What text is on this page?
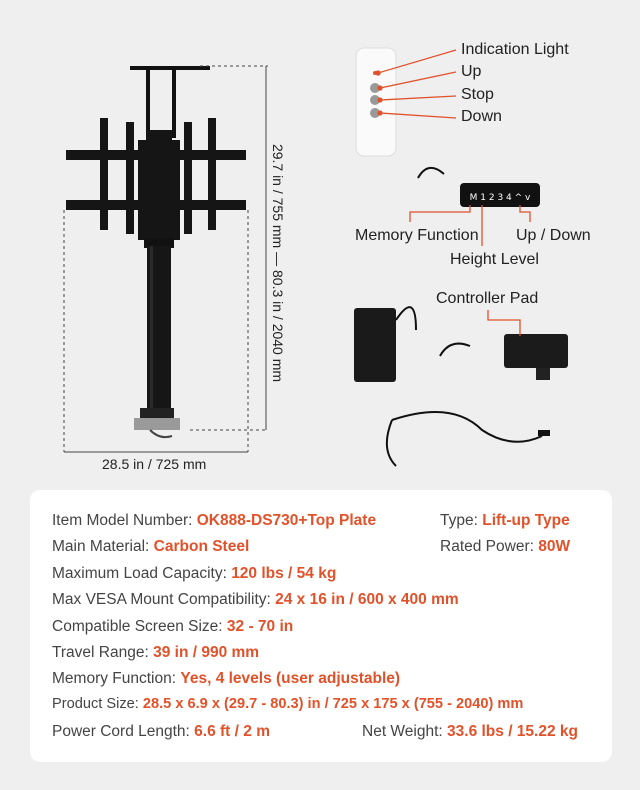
M 1 2 3 4 ^ v
28.5 in / 725 mm
29.7 in / 755 mm — 80.3 in / 2040 mm
Indication Light
Up
Stop
Down
Memory Function Up / Down
Height Level
Controller Pad
Item Model Number: OK888-DS730+Top Plate	Type: Lift-up Type
Main Material: Carbon Steel	Rated Power: 80W
Maximum Load Capacity: 120 lbs / 54 kg
Max VESA Mount Compatibility: 24 x 16 in / 600 x 400 mm
Compatible Screen Size: 32 - 70 in
Travel Range: 39 in / 990 mm
Memory Function: Yes, 4 levels (user adjustable)
Product Size: 28.5 x 6.9 x (29.7 - 80.3) in / 725 x 175 x (755 - 2040) mm
Power Cord Length: 6.6 ft / 2 m	Net Weight: 33.6 lbs / 15.22 kg
